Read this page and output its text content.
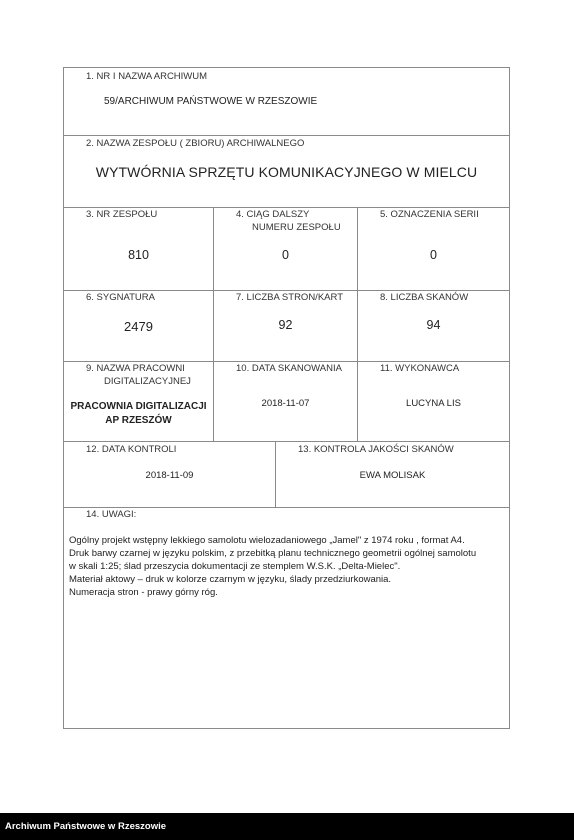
1. NR I NAZWA ARCHIWUM
59/ARCHIWUM PAŃSTWOWE W RZESZOWIE
2. NAZWA ZESPOŁU ( ZBIORU) ARCHIWALNEGO
WYTWÓRNIA SPRZĘTU KOMUNIKACYJNEGO W MIELCU
3. NR ZESPOŁU
810
4. CIĄG DALSZY
NUMERU ZESPOŁU
0
5. OZNACZENIA SERII
0
6. SYGNATURA
2479
7. LICZBA STRON/KART
92
8. LICZBA SKANÓW
94
9. NAZWA PRACOWNI
DIGITALIZACYJNEJ
PRACOWNIA DIGITALIZACJI
AP RZESZÓW
10. DATA SKANOWANIA
2018-11-07
11. WYKONAWCA
LUCYNA LIS
12. DATA KONTROLI
2018-11-09
13. KONTROLA JAKOŚCI SKANÓW
EWA MOLISAK
14. UWAGI:

Ogólny projekt wstępny lekkiego samolotu wielozadaniowego „Jamel" z 1974 roku , format A4.

Druk barwy czarnej w języku polskim, z przebitką planu technicznego geometrii ogólnej samolotu

w skali 1:25; ślad przeszycia dokumentacji ze stemplem W.S.K. „Delta-Mielec".

Materiał aktowy – druk w kolorze czarnym w języku, ślady przedziurkowania.

Numeracja stron - prawy górny róg.

Archiwum Państwowe w Rzeszowie
